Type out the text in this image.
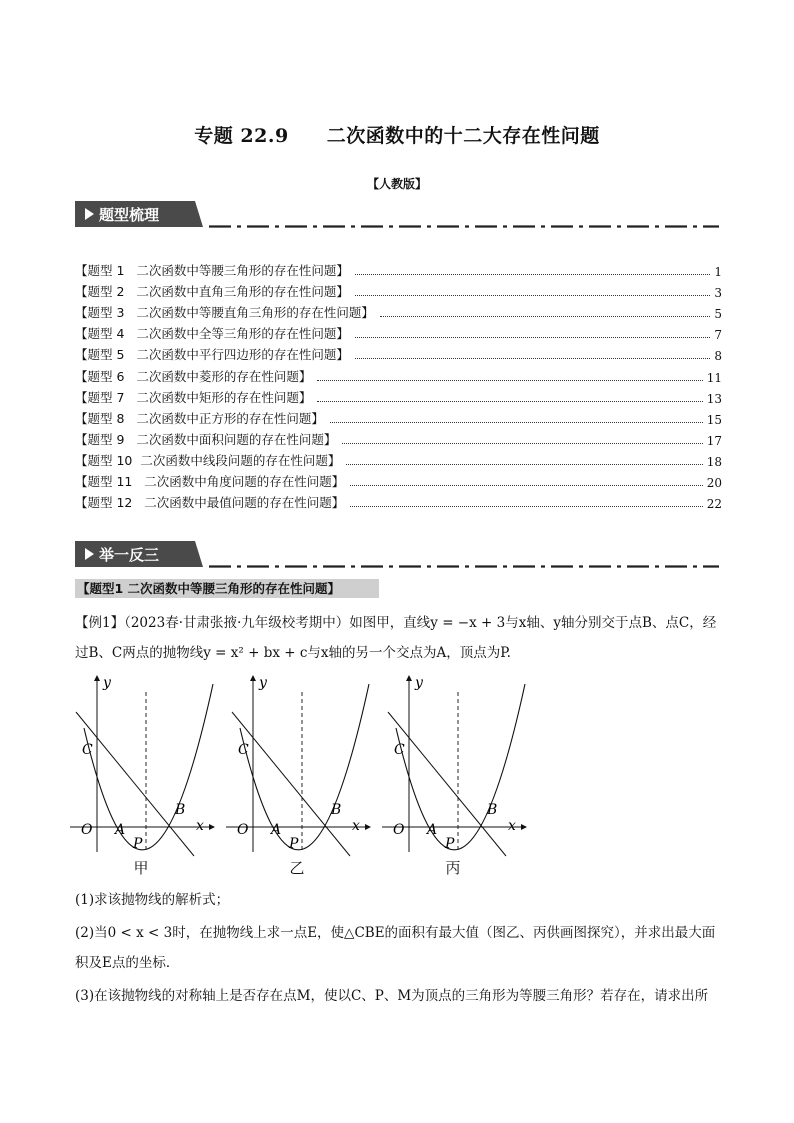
专题 22.9 二次函数中的十二大存在性问题
【人教版】
题型梳理
【题型 1   二次函数中等腰三角形的存在性问题】	1
【题型 2   二次函数中直角三角形的存在性问题】	3
【题型 3   二次函数中等腰直角三角形的存在性问题】	5
【题型 4   二次函数中全等三角形的存在性问题】	7
【题型 5   二次函数中平行四边形的存在性问题】	8
【题型 6   二次函数中菱形的存在性问题】	11
【题型 7   二次函数中矩形的存在性问题】	13
【题型 8   二次函数中正方形的存在性问题】	15
【题型 9   二次函数中面积问题的存在性问题】	17
【题型 10  二次函数中线段问题的存在性问题】	18
【题型 11   二次函数中角度问题的存在性问题】	20
【题型 12   二次函数中最值问题的存在性问题】	22
举一反三
【题型1 二次函数中等腰三角形的存在性问题】
【例1】（2023春·甘肃张掖·九年级校考期中）如图甲，直线y = −x + 3与x轴、y轴分别交于点B、点C，经过B、C两点的抛物线y = x² + bx + c与x轴的另一个交点为A，顶点为P.
C
O A
B
P
x
y
甲
C
O A
B
P
x
y
乙
C
O A
B
P
x
y
丙

(1)求该抛物线的解析式；

(2)当0 < x < 3时，在抛物线上求一点E，使△CBE的面积有最大值（图乙、丙供画图探究），并求出最大面积及E点的坐标．

(3)在该抛物线的对称轴上是否存在点M，使以C、P、M为顶点的三角形为等腰三角形？若存在，请求出所
